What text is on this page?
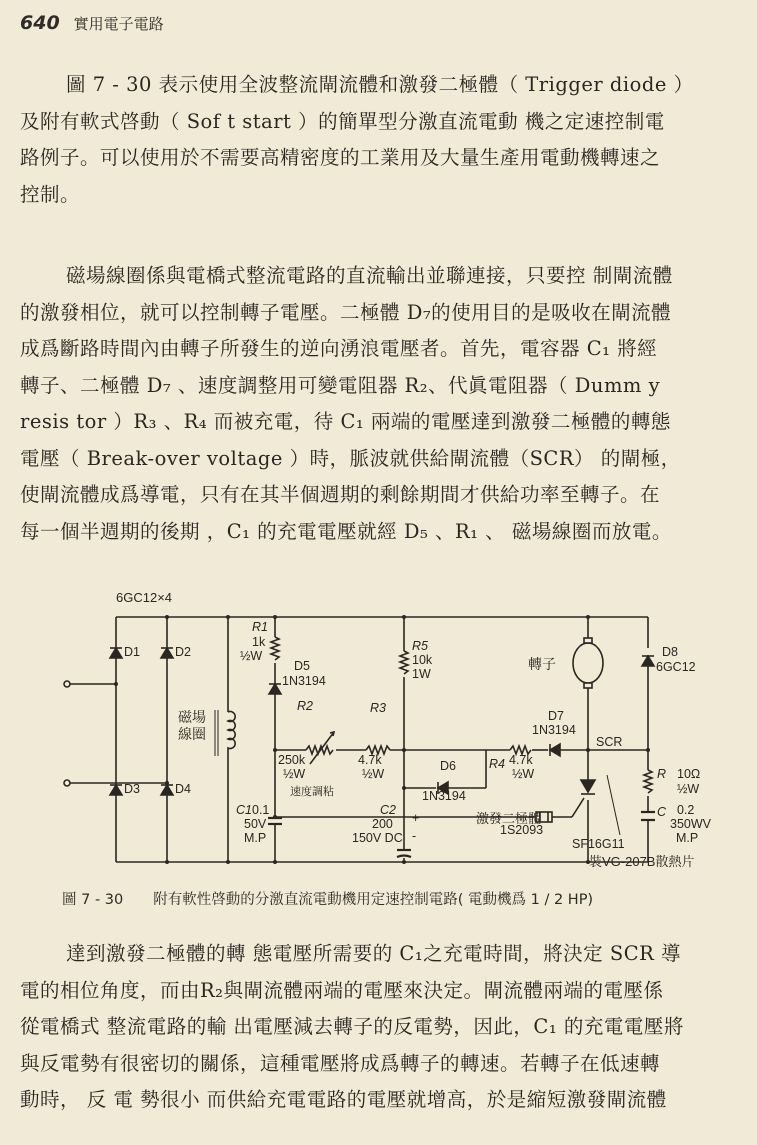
640 實用電子電路
圖 7 - 30 表示使用全波整流閘流體和激發二極體（ Trigger diode ）
及附有軟式啓動（ Sof t start ）的簡單型分激直流電動 機之定速控制電
路例子。可以使用於不需要高精密度的工業用及大量生產用電動機轉速之
控制。
磁場線圈係與電橋式整流電路的直流輸出並聯連接，只要控 制閘流體
的激發相位，就可以控制轉子電壓。二極體 D₇的使用目的是吸收在閘流體
成爲斷路時間內由轉子所發生的逆向湧浪電壓者。首先，電容器 C₁ 將經
轉子、二極體 D₇ 、速度調整用可變電阻器 R₂、代眞電阻器（ Dumm y
resis tor ）R₃ 、R₄ 而被充電，待 C₁ 兩端的電壓達到激發二極體的轉態
電壓（ Break-over voltage ）時，脈波就供給閘流體（SCR） 的閘極，
使閘流體成爲導電，只有在其半個週期的剩餘期間才供給功率至轉子。在
每一個半週期的後期 ，C₁ 的充電電壓就經 D₅ 、R₁ 、 磁場線圈而放電。
6GC12×4
D1	D2
D3	D4
磁場
線圈
R1
1k
½W
D5
1N3194
R2
250k
½W
速度調粘
R3
4.7k
½W
C1 0.1
50V
M.P
R5
10k
1W
C2
200
150V DC
+
-
D6
1N3194
R4 4.7k
½W
D7
1N3194
轉子
SCR
SF16G11
裝VG-207B散熱片
激發二極體
1S2093
D8
6GC12
R 10Ω
½W
C 0.2
350WV
M.P
圖 7 - 30 附有軟性啓動的分激直流電動機用定速控制電路( 電動機爲 1 / 2 HP)
達到激發二極體的轉 態電壓所需要的 C₁之充電時間，將決定 SCR 導
電的相位角度，而由R₂與閘流體兩端的電壓來決定。閘流體兩端的電壓係
從電橋式 整流電路的輸 出電壓減去轉子的反電勢，因此，C₁ 的充電電壓將
與反電勢有很密切的關係，這種電壓將成爲轉子的轉速。若轉子在低速轉
動時， 反 電 勢很小 而供給充電電路的電壓就增高，於是縮短激發閘流體
